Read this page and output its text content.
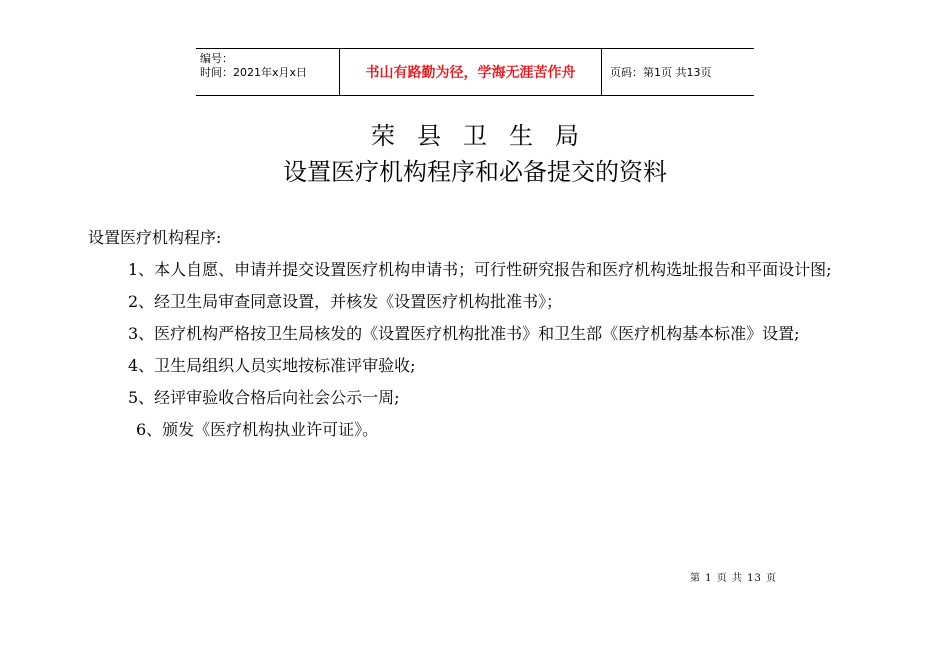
编号：
时间：2021年x月x日	书山有路勤为径，学海无涯苦作舟	页码：第1页 共13页
荣县卫生局
设置医疗机构程序和必备提交的资料

设置医疗机构程序:

1、本人自愿、申请并提交设置医疗机构申请书；可行性研究报告和医疗机构选址报告和平面设计图;

2、经卫生局审查同意设置，并核发《设置医疗机构批准书》；

3、医疗机构严格按卫生局核发的《设置医疗机构批准书》和卫生部《医疗机构基本标准》设置;

4、卫生局组织人员实地按标准评审验收;

5、经评审验收合格后向社会公示一周;

6、颁发《医疗机构执业许可证》。

第 1 页 共 13 页
